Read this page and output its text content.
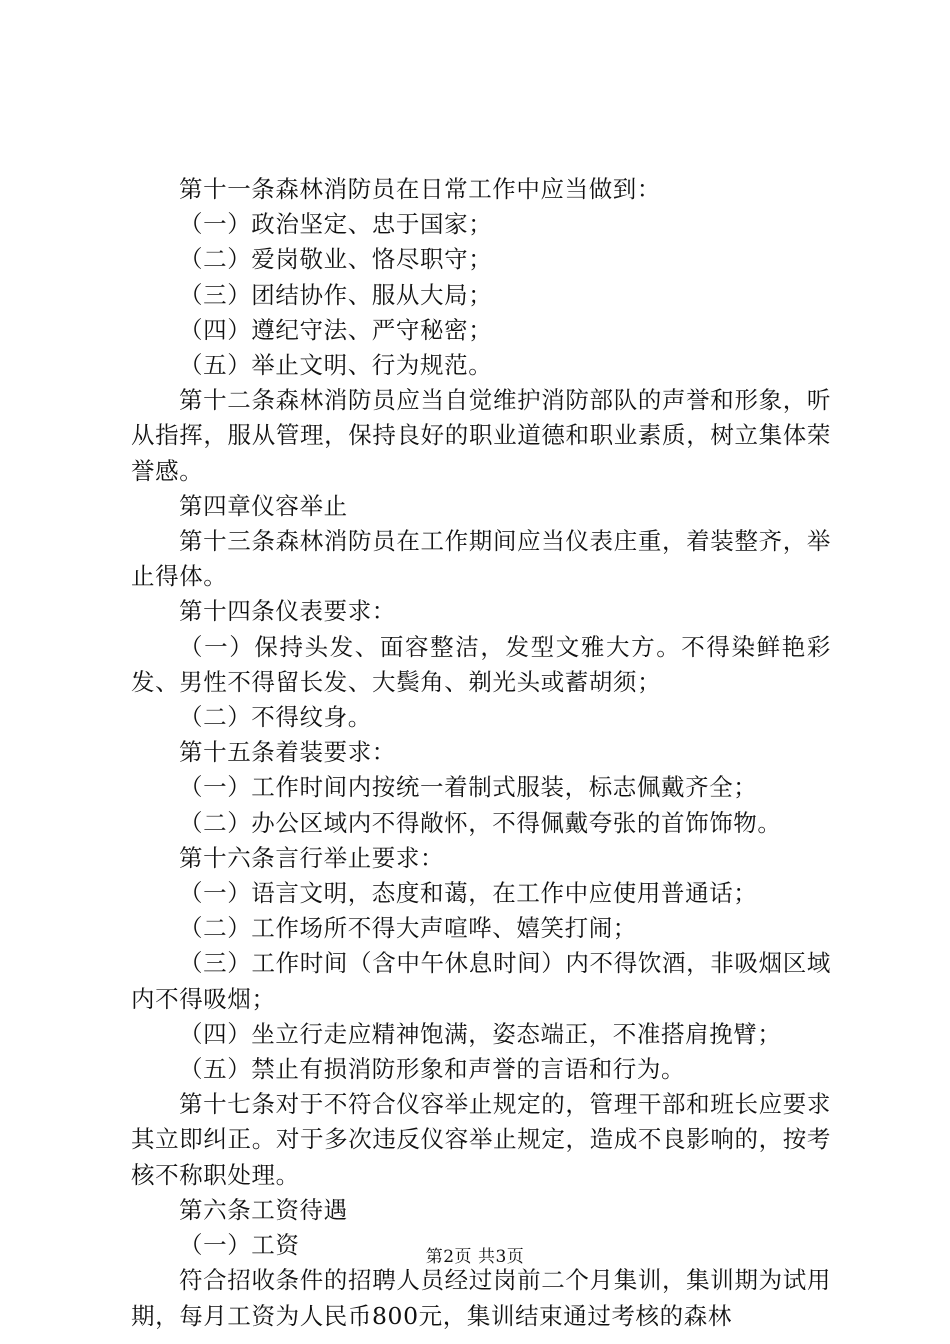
第十一条森林消防员在日常工作中应当做到：

（一）政治坚定、忠于国家；

（二）爱岗敬业、恪尽职守；

（三）团结协作、服从大局；

（四）遵纪守法、严守秘密；

（五）举止文明、行为规范。

第十二条森林消防员应当自觉维护消防部队的声誉和形象，听从指挥，服从管理，保持良好的职业道德和职业素质，树立集体荣誉感。

第四章仪容举止

第十三条森林消防员在工作期间应当仪表庄重，着装整齐，举止得体。

第十四条仪表要求：

（一）保持头发、面容整洁，发型文雅大方。不得染鲜艳彩发、男性不得留长发、大鬓角、剃光头或蓄胡须；

（二）不得纹身。

第十五条着装要求：

（一）工作时间内按统一着制式服装，标志佩戴齐全；

（二）办公区域内不得敞怀，不得佩戴夸张的首饰饰物。

第十六条言行举止要求：

（一）语言文明，态度和蔼，在工作中应使用普通话；

（二）工作场所不得大声喧哗、嬉笑打闹；

（三）工作时间（含中午休息时间）内不得饮酒，非吸烟区域内不得吸烟；

（四）坐立行走应精神饱满，姿态端正，不准搭肩挽臂；

（五）禁止有损消防形象和声誉的言语和行为。

第十七条对于不符合仪容举止规定的，管理干部和班长应要求其立即纠正。对于多次违反仪容举止规定，造成不良影响的，按考核不称职处理。

第六条工资待遇

（一）工资

符合招收条件的招聘人员经过岗前二个月集训，集训期为试用期，每月工资为人民币800元，集训结束通过考核的森林

第2页 共3页
